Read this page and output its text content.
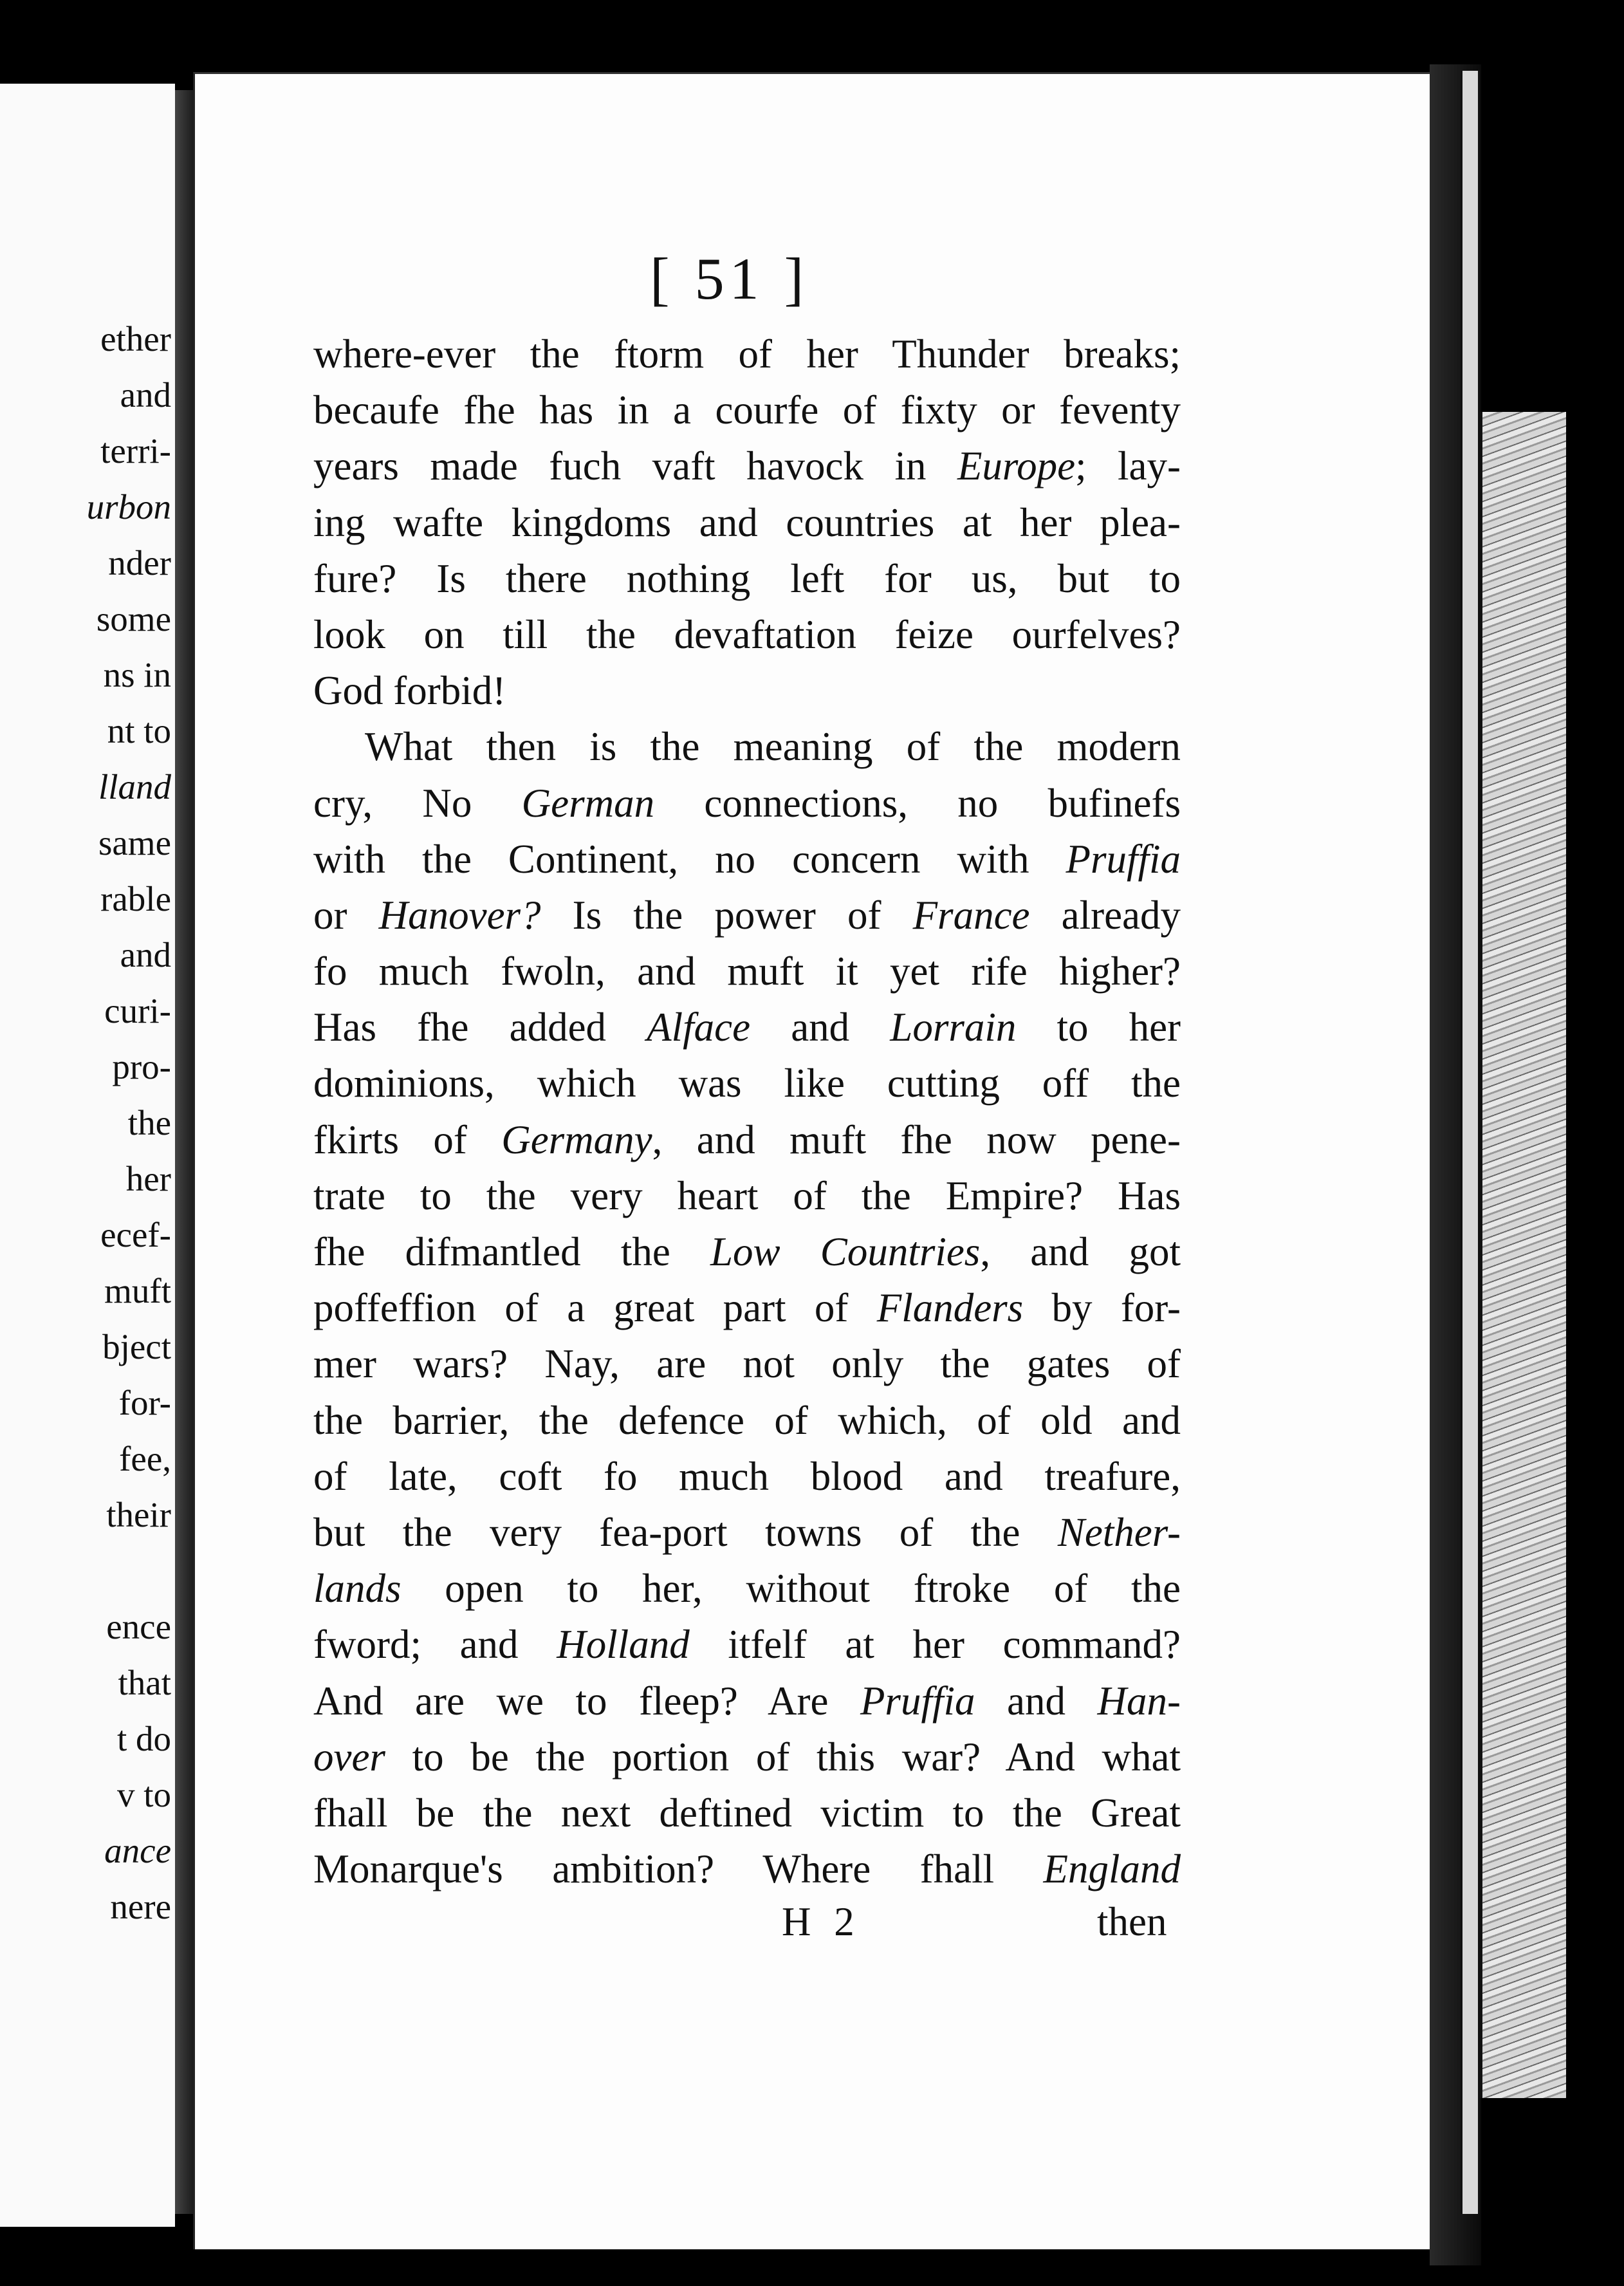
ether
and
terri-
urbon
nder
some
ns in
nt to
lland
same
rable
and
curi-
pro-
the
her
ecef-
muft
bject
for-
fee,
their
ence
that
t do
v to
ance
nere
[ 51 ]
where-ever the ftorm of her Thunder breaks;
becaufe fhe has in a courfe of fixty or feventy
years made fuch vaft havock in Europe; lay-
ing wafte kingdoms and countries at her plea-
fure? Is there nothing left for us, but to
look on till the devaftation feize ourfelves?
God forbid!
What then is the meaning of the modern
cry, No German connections, no bufinefs
with the Continent, no concern with Pruffia
or Hanover? Is the power of France already
fo much fwoln, and muft it yet rife higher?
Has fhe added Alface and Lorrain to her
dominions, which was like cutting off the
fkirts of Germany, and muft fhe now pene-
trate to the very heart of the Empire? Has
fhe difmantled the Low Countries, and got
poffeffion of a great part of Flanders by for-
mer wars? Nay, are not only the gates of
the barrier, the defence of which, of old and
of late, coft fo much blood and treafure,
but the very fea-port towns of the Nether-
lands open to her, without ftroke of the
fword; and Holland itfelf at her command?
And are we to fleep? Are Pruffia and Han-
over to be the portion of this war? And what
fhall be the next deftined victim to the Great
Monarque's ambition? Where fhall England
H 2	then
